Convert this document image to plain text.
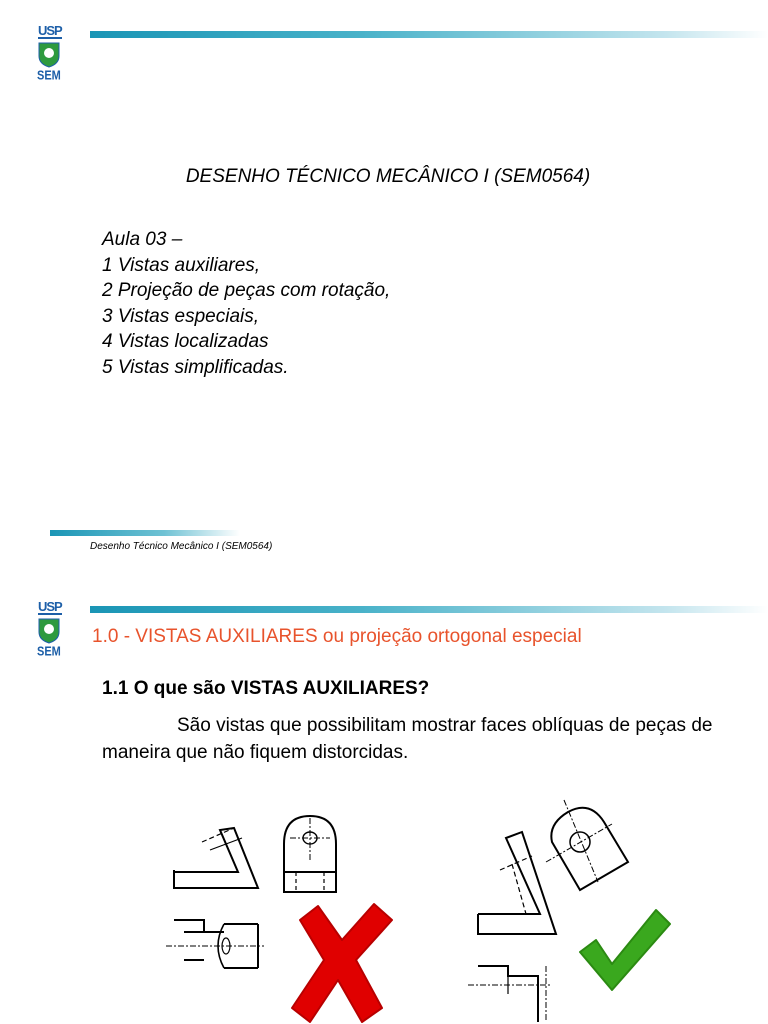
USP
SEM
DESENHO TÉCNICO MECÂNICO I (SEM0564)
Aula 03 –
1 Vistas auxiliares,
2 Projeção de peças com rotação,
3 Vistas especiais,
4 Vistas localizadas
5 Vistas simplificadas.
Desenho Técnico Mecânico I (SEM0564)
USP
SEM
1.0 - VISTAS AUXILIARES ou projeção ortogonal especial
1.1 O que são VISTAS AUXILIARES?
São vistas que possibilitam mostrar faces oblíquas de peças de maneira que não fiquem distorcidas.
